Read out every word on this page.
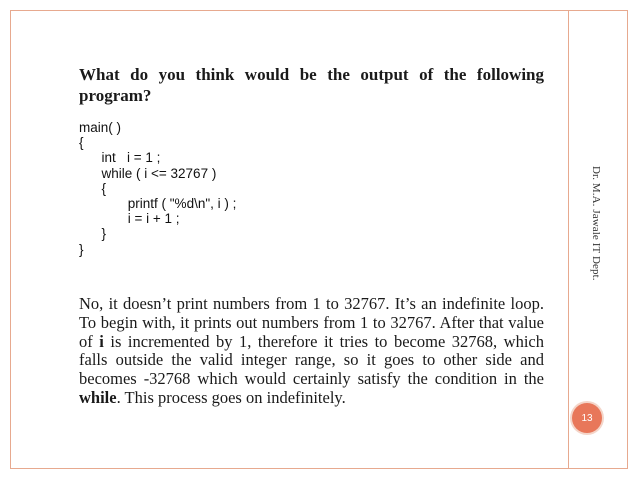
What do you think would be the output of the following program?

main( )
{
int   i = 1 ;
while ( i <= 32767 )
{
printf ( "%d\n", i ) ;
i = i + 1 ;
}
}

No, it doesn’t print numbers from 1 to 32767. It’s an indefinite loop. To begin with, it prints out numbers from 1 to 32767. After that value of i is incremented by 1, therefore it tries to become 32768, which falls outside the valid integer range, so it goes to other side and becomes -32768 which would certainly satisfy the condition in the while. This process goes on indefinitely.

Dr. M.A. Jawale IT Dept.
13
